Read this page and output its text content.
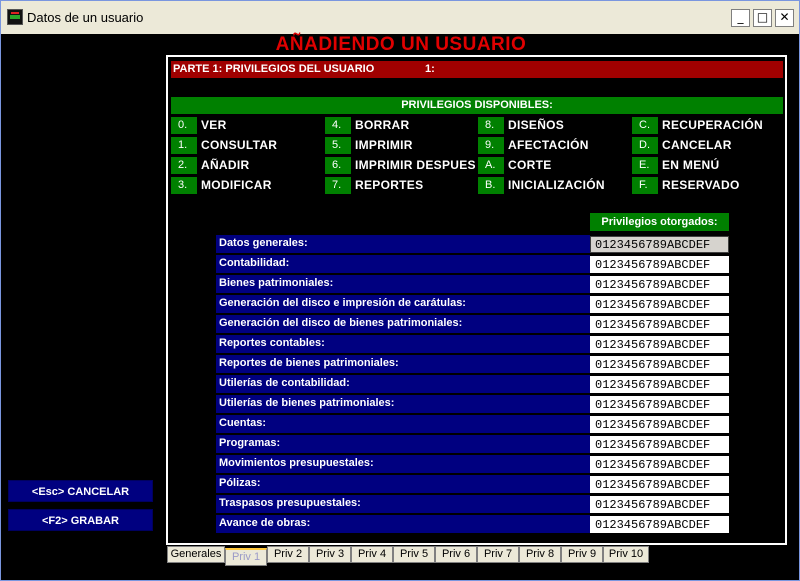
Datos de un usuario	_	□ ✕
AÑADIENDO UN USUARIO
PARTE 1: PRIVILEGIOS DEL USUARIO	1:
PRIVILEGIOS DISPONIBLES:
0.	VER
1.	CONSULTAR
2.	AÑADIR
3.	MODIFICAR
4.	BORRAR
5.	IMPRIMIR
6.	IMPRIMIR DESPUES
7.	REPORTES
8.	DISEÑOS
9.	AFECTACIÓN
A.	CORTE
B.	INICIALIZACIÓN
C.	RECUPERACIÓN
D.	CANCELAR
E.	EN MENÚ
F.	RESERVADO
Privilegios otorgados:
Datos generales:	0123456789ABCDEF
Contabilidad:	0123456789ABCDEF
Bienes patrimoniales:	0123456789ABCDEF
Generación del disco e impresión de carátulas:	0123456789ABCDEF
Generación del disco de bienes patrimoniales:	0123456789ABCDEF
Reportes contables:	0123456789ABCDEF
Reportes de bienes patrimoniales:	0123456789ABCDEF
Utilerías de contabilidad:	0123456789ABCDEF
Utilerías de bienes patrimoniales:	0123456789ABCDEF
Cuentas:	0123456789ABCDEF
Programas:	0123456789ABCDEF
Movimientos presupuestales:	0123456789ABCDEF
Pólizas:	0123456789ABCDEF
Traspasos presupuestales:	0123456789ABCDEF
Avance de obras:	0123456789ABCDEF
<Esc> CANCELAR
<F2> GRABAR
Generales Priv 1	Priv 2	Priv 3	Priv 4	Priv 5	Priv 6	Priv 7	Priv 8	Priv 9	Priv 10
